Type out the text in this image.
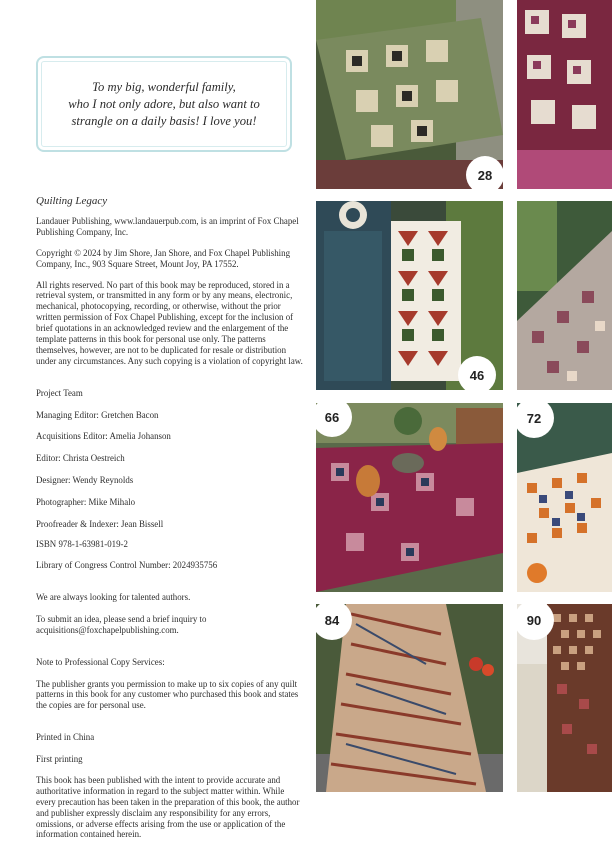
To my big, wonderful family,
who I not only adore, but also want to
strangle on a daily basis! I love you!

Quilting Legacy

Landauer Publishing, www.landauerpub.com, is an imprint of Fox Chapel Publishing Company, Inc.

Copyright © 2024 by Jim Shore, Jan Shore, and Fox Chapel Publishing Company, Inc., 903 Square Street, Mount Joy, PA 17552.

All rights reserved. No part of this book may be reproduced, stored in a retrieval system, or transmitted in any form or by any means, electronic, mechanical, photocopying, recording, or otherwise, without the prior written permission of Fox Chapel Publishing, except for the inclusion of brief quotations in an acknowledged review and the enlargement of the template patterns in this book for personal use only. The patterns themselves, however, are not to be duplicated for resale or distribution under any circumstances. Any such copying is a violation of copyright law.

Project Team

Managing Editor: Gretchen Bacon

Acquisitions Editor: Amelia Johanson

Editor: Christa Oestreich

Designer: Wendy Reynolds

Photographer: Mike Mihalo

Proofreader & Indexer: Jean Bissell

ISBN 978-1-63981-019-2

Library of Congress Control Number: 2024935756

We are always looking for talented authors.

To submit an idea, please send a brief inquiry to acquisitions@foxchapelpublishing.com.

Note to Professional Copy Services:

The publisher grants you permission to make up to six copies of any quilt patterns in this book for any customer who purchased this book and states the copies are for personal use.

Printed in China

First printing

This book has been published with the intent to provide accurate and authoritative information in regard to the subject matter within. While every precaution has been taken in the preparation of this book, the author and publisher expressly disclaim any responsibility for any errors, omissions, or adverse effects arising from the use or application of the information contained herein.

28
46
66	72
84	90
